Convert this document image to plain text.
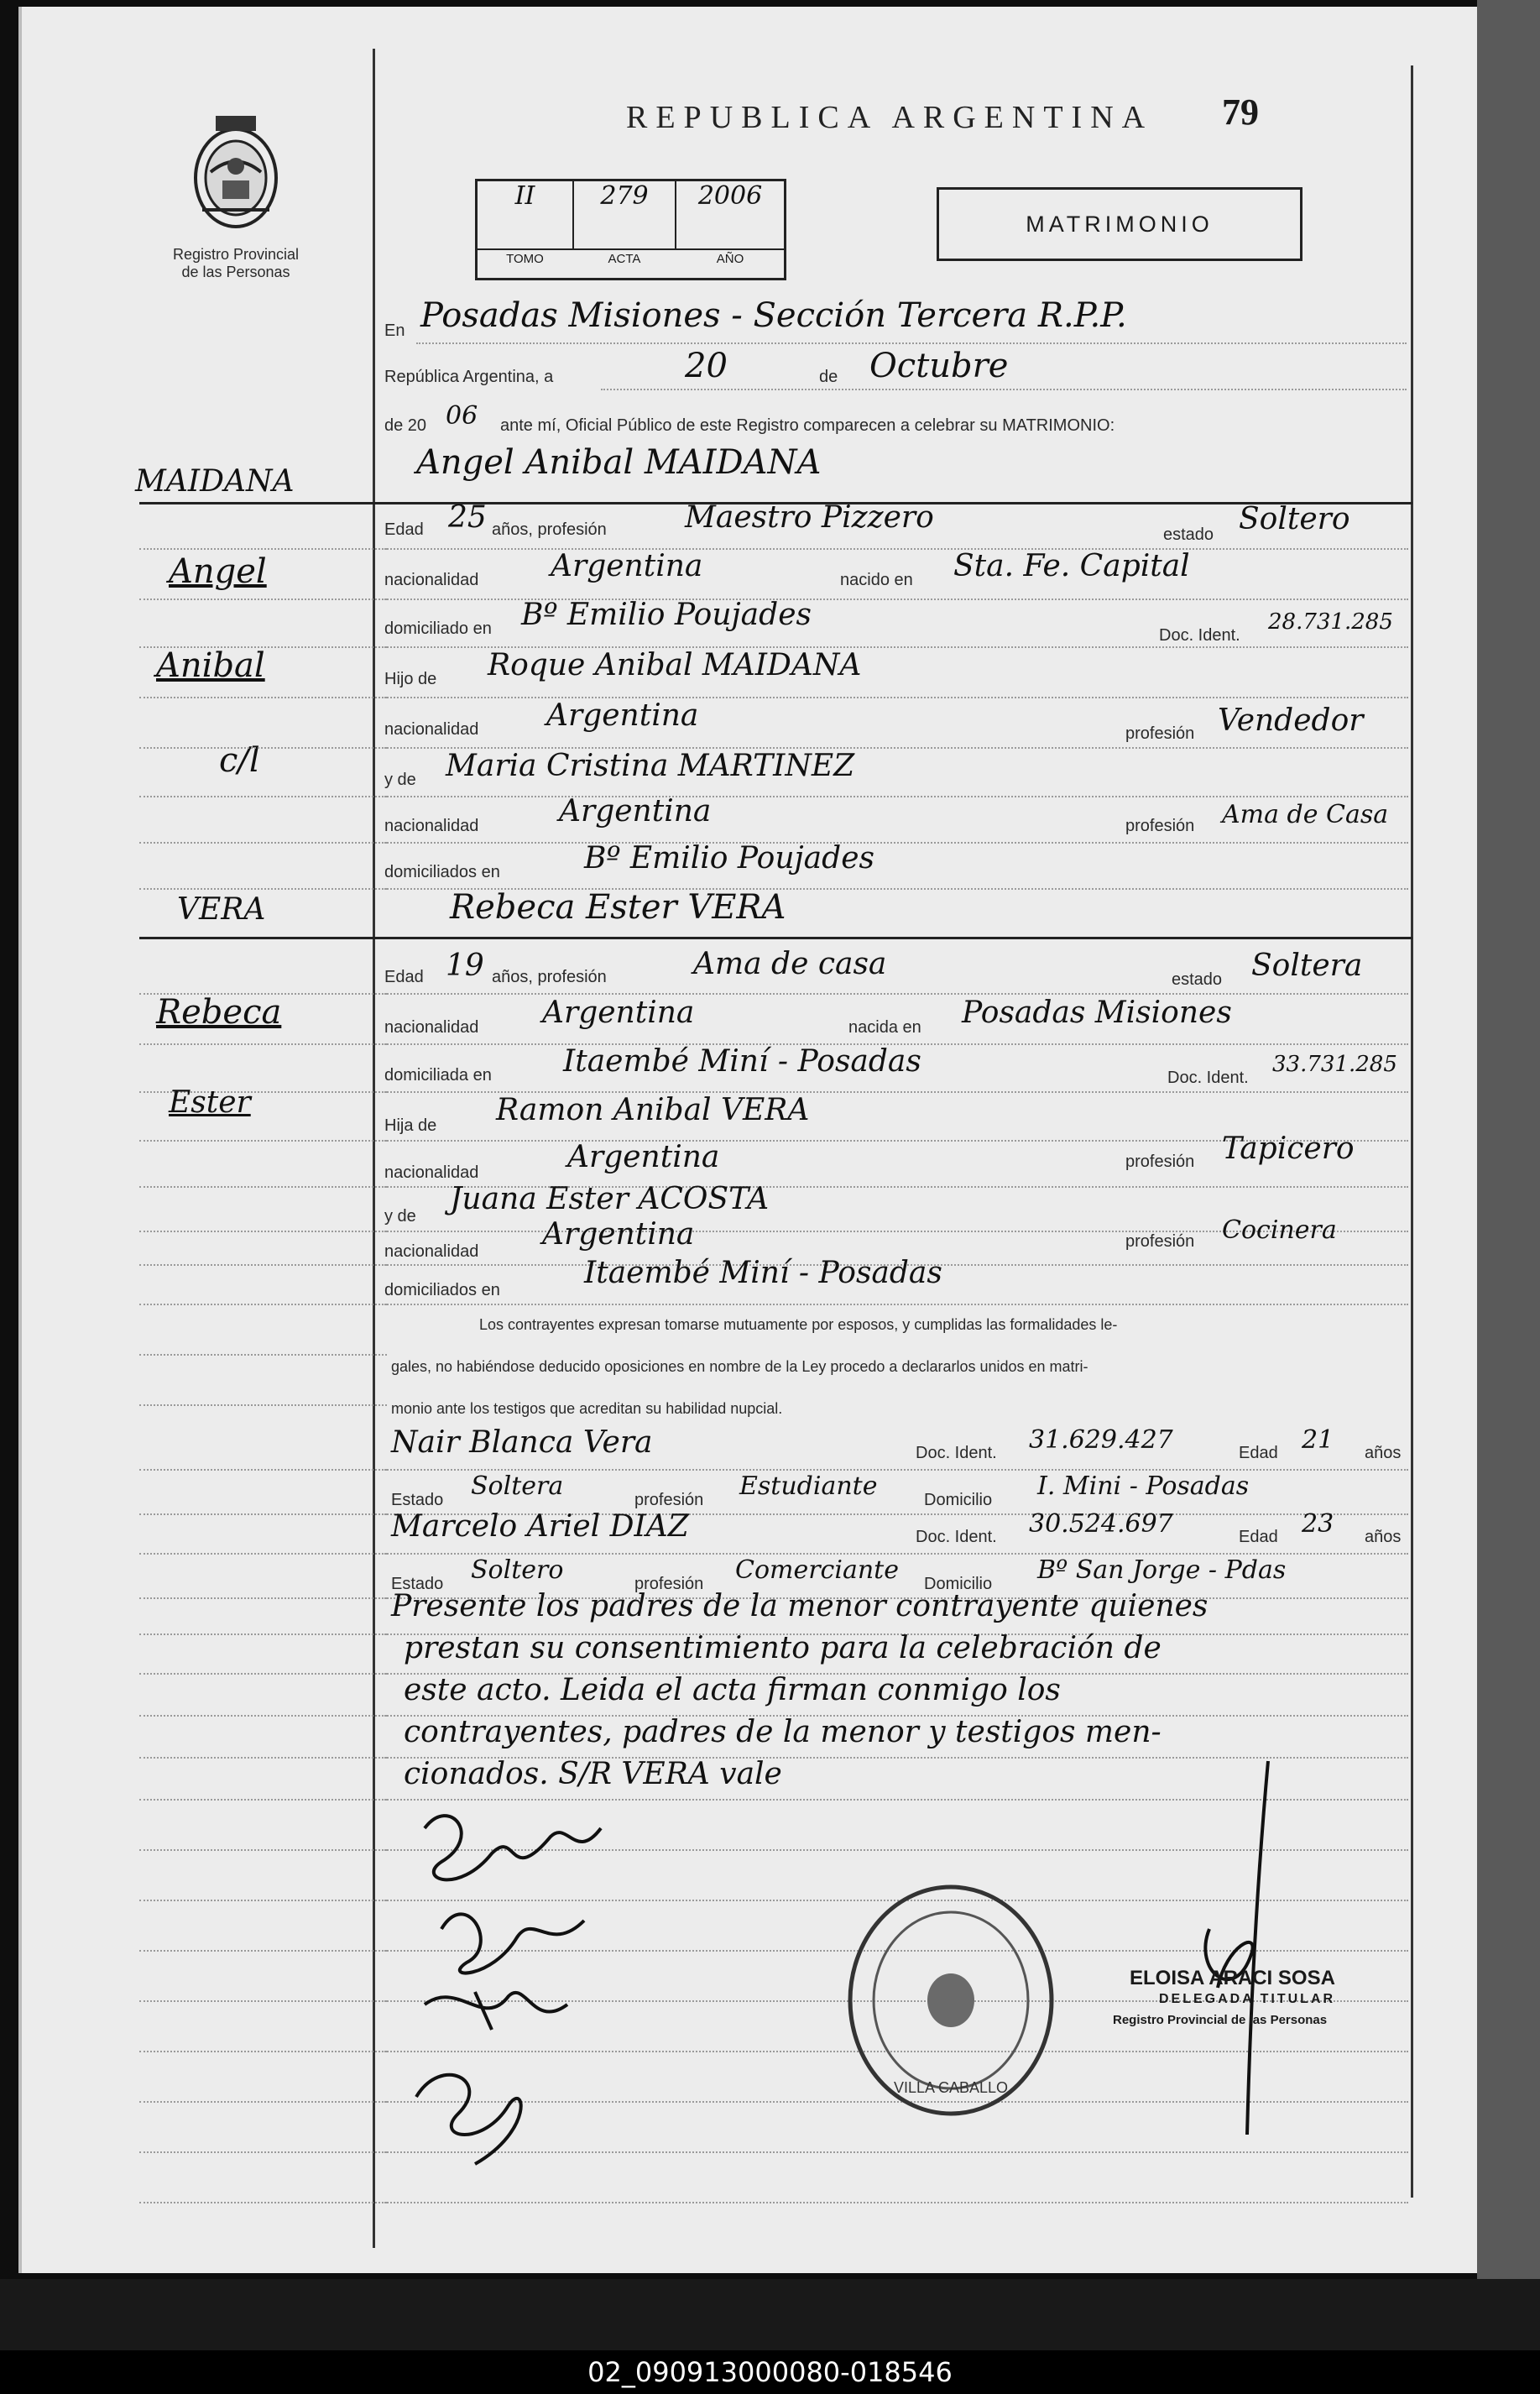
Registro Provincial
de las Personas
REPUBLICA ARGENTINA 79
II	279	2006
TOMO	ACTA	AÑO
MATRIMONIO
En Posadas Misiones - Sección Tercera R.P.P.
República Argentina, a	20	de Octubre
de 20 06 ante mí, Oficial Público de este Registro comparecen a celebrar su MATRIMONIO:
Angel Anibal MAIDANA
Edad 25 años, profesión	Maestro Pizzero	estado Soltero
nacionalidad Argentina	nacido en Sta. Fe. Capital
domiciliado en Bº Emilio Poujades
Doc. Ident.
28.731.285
Hijo de Roque Anibal MAIDANA
nacionalidad Argentina
profesión Vendedor
y de Maria Cristina MARTINEZ
nacionalidad	Argentina	profesión Ama de Casa
domiciliados en	Bº Emilio Poujades
Rebeca Ester VERA
Edad 19 años, profesión	Ama de casa	estado Soltera
nacionalidad Argentina	nacida en Posadas Misiones
domiciliada en Itaembé Miní - Posadas	Doc. Ident.
33.731.285
Hija de Ramon Anibal VERA
nacionalidad	Argentina	profesión Tapicero
y de Juana Ester ACOSTA
nacionalidad Argentina	profesión Cocinera
domiciliados en	Itaembé Miní - Posadas
Los contrayentes expresan tomarse mutuamente por esposos, y cumplidas las formalidades le-
gales, no habiéndose deducido oposiciones en nombre de la Ley procedo a declararlos unidos en matri-
monio ante los testigos que acreditan su habilidad nupcial.
Nair Blanca Vera	Doc. Ident. 31.629.427	Edad 21 años
Estado Soltera	profesión Estudiante	Domicilio I. Mini - Posadas
Marcelo Ariel DIAZ	Doc. Ident. 30.524.697	Edad 23 años
Estado Soltero	profesión Comerciante Domicilio Bº San Jorge - Pdas
Presente los padres de la menor contrayente quienes
prestan su consentimiento para la celebración de
este acto. Leida el acta firman conmigo los
contrayentes, padres de la menor y testigos men-
cionados. S/R VERA vale
ELOISA ARACI SOSA
DELEGADA TITULAR
Registro Provincial de las Personas
VILLA CABALLO
MAIDANA
Angel
Anibal
c/l
VERA
Rebeca
Ester
02_090913000080-018546
